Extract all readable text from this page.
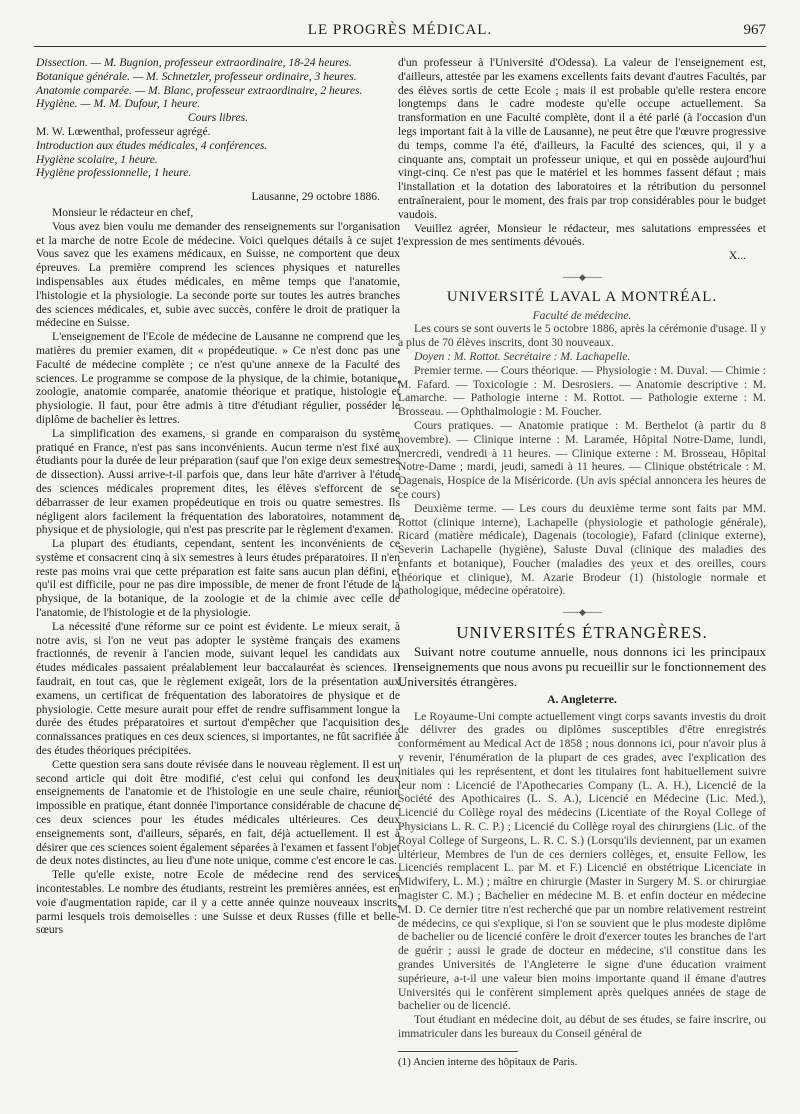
LE PROGRÈS MÉDICAL.	967

Dissection. — M. Bugnion, professeur extraordinaire, 18-24 heures.

Botanique générale. — M. Schnetzler, professeur ordinaire, 3 heures.

Anatomie comparée. — M. Blanc, professeur extraordinaire, 2 heures.

Hygiène. — M. M. Dufour, 1 heure.

Cours libres.

M. W. Lœwenthal, professeur agrégé.

Introduction aux études médicales, 4 conférences.

Hygiène scolaire, 1 heure.

Hygiène professionnelle, 1 heure.

Lausanne, 29 octobre 1886.

Monsieur le rédacteur en chef,

Vous avez bien voulu me demander des renseignements sur l'organisation et la marche de notre Ecole de médecine. Voici quelques détails à ce sujet : Vous savez que les examens médicaux, en Suisse, ne comportent que deux épreuves. La première comprend les sciences physiques et naturelles indispensables aux études médicales, en même temps que l'anatomie, l'histologie et la physiologie. La seconde porte sur toutes les autres branches des sciences médicales, et, subie avec succès, confère le droit de pratiquer la médecine en Suisse.

L'enseignement de l'Ecole de médecine de Lausanne ne comprend que les matières du premier examen, dit « propédeutique. » Ce n'est donc pas une Faculté de médecine complète ; ce n'est qu'une annexe de la Faculté des sciences. Le programme se compose de la physique, de la chimie, botanique, zoologie, anatomie comparée, anatomie théorique et pratique, histologie et physiologie. Il faut, pour être admis à titre d'étudiant régulier, posséder le diplôme de bachelier ès lettres.

La simplification des examens, si grande en comparaison du système pratiqué en France, n'est pas sans inconvénients. Aucun terme n'est fixé aux étudiants pour la durée de leur préparation (sauf que l'on exige deux semestres de dissection). Aussi arrive-t-il parfois que, dans leur hâte d'arriver à l'étude des sciences médicales proprement dites, les élèves s'efforcent de se débarrasser de leur examen propédeutique en trois ou quatre semestres. Ils négligent alors facilement la fréquentation des laboratoires, notamment de physique et de physiologie, qui n'est pas prescrite par le règlement d'examen.

La plupart des étudiants, cependant, sentent les inconvénients de ce système et consacrent cinq à six semestres à leurs études préparatoires. Il n'en reste pas moins vrai que cette préparation est faite sans aucun plan défini, et qu'il est difficile, pour ne pas dire impossible, de mener de front l'étude de la physique, de la botanique, de la zoologie et de la chimie avec celle de l'anatomie, de l'histologie et de la physiologie.

La nécessité d'une réforme sur ce point est évidente. Le mieux serait, à notre avis, si l'on ne veut pas adopter le système français des examens fractionnés, de revenir à l'ancien mode, suivant lequel les candidats aux études médicales passaient préalablement leur baccalauréat ès sciences. Il faudrait, en tout cas, que le règlement exigeât, lors de la présentation aux examens, un certificat de fréquentation des laboratoires de physique et de physiologie. Cette mesure aurait pour effet de rendre suffisamment longue la durée des études préparatoires et surtout d'empêcher que l'acquisition des connaissances pratiques en ces deux sciences, si importantes, ne fût sacrifiée à des études théoriques précipitées.

Cette question sera sans doute révisée dans le nouveau règlement. Il est un second article qui doit être modifié, c'est celui qui confond les deux enseignements de l'anatomie et de l'histologie en une seule chaire, réunion impossible en pratique, étant donnée l'importance considérable de chacune de ces deux sciences pour les études médicales ultérieures. Ces deux enseignements sont, d'ailleurs, séparés, en fait, déjà actuellement. Il est à désirer que ces sciences soient également séparées à l'examen et fassent l'objet de deux notes distinctes, au lieu d'une note unique, comme c'est encore le cas.

Telle qu'elle existe, notre Ecole de médecine rend des services incontestables. Le nombre des étudiants, restreint les premières années, est en voie d'augmentation rapide, car il y a cette année quinze nouveaux inscrits, parmi lesquels trois demoiselles : une Suisse et deux Russes (fille et belle-sœurs

d'un professeur à l'Université d'Odessa). La valeur de l'enseignement est, d'ailleurs, attestée par les examens excellents faits devant d'autres Facultés, par des élèves sortis de cette Ecole ; mais il est probable qu'elle restera encore longtemps dans le cadre modeste qu'elle occupe actuellement. Sa transformation en une Faculté complète, dont il a été parlé (à l'occasion d'un legs important fait à la ville de Lausanne), ne peut être que l'œuvre progressive du temps, comme l'a été, d'ailleurs, la Faculté des sciences, qui, il y a cinquante ans, comptait un professeur unique, et qui en possède aujourd'hui vingt-cinq. Ce n'est pas que le matériel et les hommes fassent défaut ; mais l'installation et la dotation des laboratoires et la rétribution du personnel entraîneraient, pour le moment, des frais par trop considérables pour le budget vaudois.

Veuillez agréer, Monsieur le rédacteur, mes salutations empressées et l'expression de mes sentiments dévoués.

X...

───◆───

UNIVERSITÉ LAVAL A MONTRÉAL.

Faculté de médecine.

Les cours se sont ouverts le 5 octobre 1886, après la cérémonie d'usage. Il y a plus de 70 élèves inscrits, dont 30 nouveaux.

Doyen : M. Rottot. Secrétaire : M. Lachapelle.

Premier terme. — Cours théorique. — Physiologie : M. Duval. — Chimie : M. Fafard. — Toxicologie : M. Desrosiers. — Anatomie descriptive : M. Lamarche. — Pathologie interne : M. Rottot. — Pathologie externe : M. Brosseau. — Ophthalmologie : M. Foucher.

Cours pratiques. — Anatomie pratique : M. Berthelot (à partir du 8 novembre). — Clinique interne : M. Laramée, Hôpital Notre-Dame, lundi, mercredi, vendredi à 11 heures. — Clinique externe : M. Brosseau, Hôpital Notre-Dame ; mardi, jeudi, samedi à 11 heures. — Clinique obstétricale : M. Dagenais, Hospice de la Miséricorde. (Un avis spécial annoncera les heures de ce cours)

Deuxième terme. — Les cours du deuxième terme sont faits par MM. Rottot (clinique interne), Lachapelle (physiologie et pathologie générale), Ricard (matière médicale), Dagenais (tocologie), Fafard (clinique externe), Severin Lachapelle (hygiène), Saluste Duval (clinique des maladies des enfants et botanique), Foucher (maladies des yeux et des oreilles, cours théorique et clinique), M. Azarie Brodeur (1) (histologie normale et pathologique, médecine opératoire).

───◆───

UNIVERSITÉS ÉTRANGÈRES.

Suivant notre coutume annuelle, nous donnons ici les principaux renseignements que nous avons pu recueillir sur le fonctionnement des Universités étrangères.

A. Angleterre.

Le Royaume-Uni compte actuellement vingt corps savants investis du droit de délivrer des grades ou diplômes susceptibles d'être enregistrés conformément au Medical Act de 1858 ; nous donnons ici, pour n'avoir plus à y revenir, l'énumération de la plupart de ces grades, avec l'explication des initiales qui les représentent, et dont les titulaires font habituellement suivre leur nom : Licencié de l'Apothecaries Company (L. A. H.), Licencié de la Société des Apothicaires (L. S. A.), Licencié en Médecine (Lic. Med.), Licencié du Collège royal des médecins (Licentiate of the Royal College of Physicians L. R. C. P.) ; Licencié du Collège royal des chirurgiens (Lic. of the Royal College of Surgeons, L. R. C. S.) (Lorsqu'ils deviennent, par un examen ultérieur, Membres de l'un de ces derniers collèges, et, ensuite Fellow, les Licenciés remplacent L. par M. et F.) Licencié en obstétrique Licenciate in Midwifery, L. M.) ; maître en chirurgie (Master in Surgery M. S. or chirurgiae magister C. M.) ; Bachelier en médecine M. B. et enfin docteur en médecine M. D. Ce dernier titre n'est recherché que par un nombre relativement restreint de médecins, ce qui s'explique, si l'on se souvient que le plus modeste diplôme de bachelier ou de licencié confère le droit d'exercer toutes les branches de l'art de guérir ; aussi le grade de docteur en médecine, s'il constitue dans les grandes Universités de l'Angleterre le signe d'une éducation vraiment supérieure, a-t-il une valeur bien moins importante quand il émane d'autres Universités qui le confèrent simplement après quelques années de stage de bachelier ou de licencié.

Tout étudiant en médecine doit, au début de ses études, se faire inscrire, ou immatriculer dans les bureaux du Conseil général de

(1) Ancien interne des hôpitaux de Paris.
